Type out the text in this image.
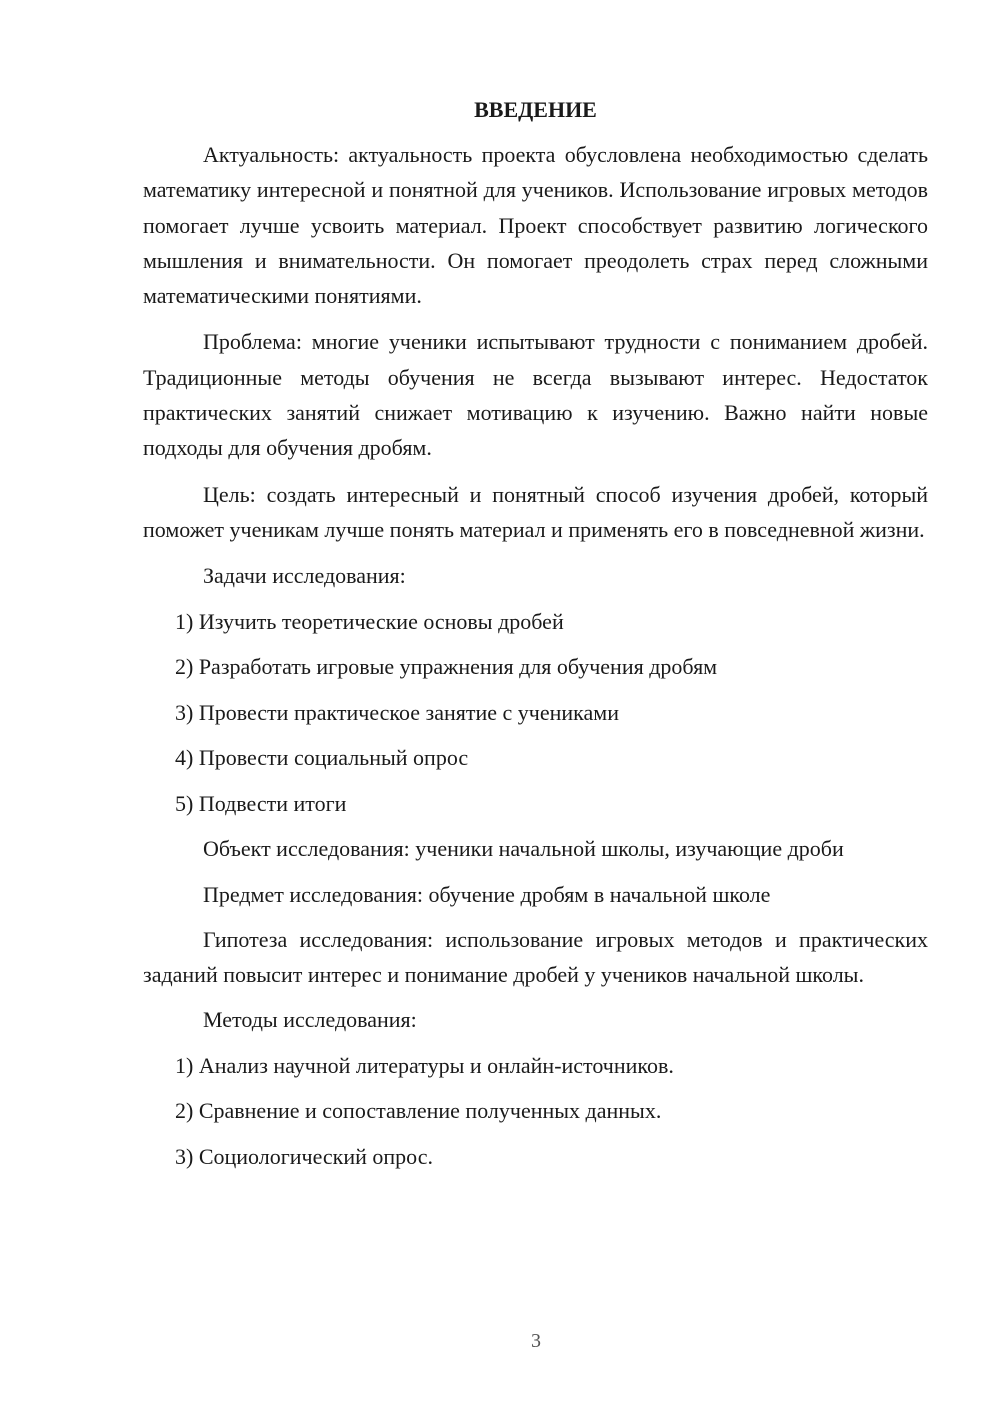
ВВЕДЕНИЕ

Актуальность: актуальность проекта обусловлена необходимостью сделать математику интересной и понятной для учеников. Использование игровых методов помогает лучше усвоить материал. Проект способствует развитию логического мышления и внимательности. Он помогает преодолеть страх перед сложными математическими понятиями.

Проблема: многие ученики испытывают трудности с пониманием дробей. Традиционные методы обучения не всегда вызывают интерес. Недостаток практических занятий снижает мотивацию к изучению. Важно найти новые подходы для обучения дробям.

Цель: создать интересный и понятный способ изучения дробей, который поможет ученикам лучше понять материал и применять его в повседневной жизни.

Задачи исследования:

1) Изучить теоретические основы дробей
2) Разработать игровые упражнения для обучения дробям
3) Провести практическое занятие с учениками
4) Провести социальный опрос
5) Подвести итоги

Объект исследования: ученики начальной школы, изучающие дроби

Предмет исследования: обучение дробям в начальной школе

Гипотеза исследования: использование игровых методов и практических заданий повысит интерес и понимание дробей у учеников начальной школы.

Методы исследования:

1) Анализ научной литературы и онлайн-источников.
2) Сравнение и сопоставление полученных данных.
3) Социологический опрос.
3
